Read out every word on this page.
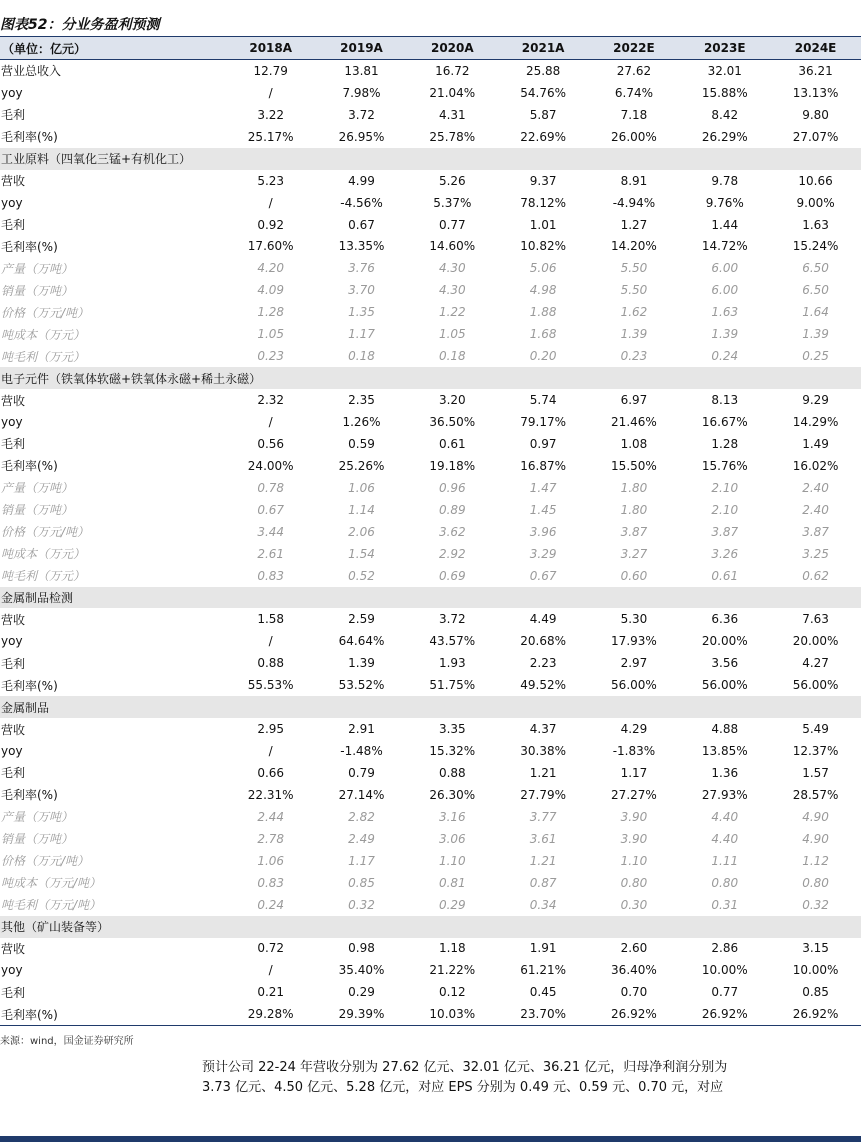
图表52：分业务盈利预测
（单位：亿元）	2018A	2019A	2020A	2021A	2022E	2023E	2024E
营业总收入	12.79	13.81	16.72	25.88	27.62	32.01	36.21
yoy	/	7.98%	21.04%	54.76%	6.74%	15.88%	13.13%
毛利	3.22	3.72	4.31	5.87	7.18	8.42	9.80
毛利率(%)	25.17%	26.95%	25.78%	22.69%	26.00%	26.29%	27.07%
工业原料（四氧化三锰+有机化工）							
营收	5.23	4.99	5.26	9.37	8.91	9.78	10.66
yoy	/	-4.56%	5.37%	78.12%	-4.94%	9.76%	9.00%
毛利	0.92	0.67	0.77	1.01	1.27	1.44	1.63
毛利率(%)	17.60%	13.35%	14.60%	10.82%	14.20%	14.72%	15.24%
产量（万吨）	4.20	3.76	4.30	5.06	5.50	6.00	6.50
销量（万吨）	4.09	3.70	4.30	4.98	5.50	6.00	6.50
价格（万元/吨）	1.28	1.35	1.22	1.88	1.62	1.63	1.64
吨成本（万元）	1.05	1.17	1.05	1.68	1.39	1.39	1.39
吨毛利（万元）	0.23	0.18	0.18	0.20	0.23	0.24	0.25
电子元件（铁氧体软磁+铁氧体永磁+稀土永磁）							
营收	2.32	2.35	3.20	5.74	6.97	8.13	9.29
yoy	/	1.26%	36.50%	79.17%	21.46%	16.67%	14.29%
毛利	0.56	0.59	0.61	0.97	1.08	1.28	1.49
毛利率(%)	24.00%	25.26%	19.18%	16.87%	15.50%	15.76%	16.02%
产量（万吨）	0.78	1.06	0.96	1.47	1.80	2.10	2.40
销量（万吨）	0.67	1.14	0.89	1.45	1.80	2.10	2.40
价格（万元/吨）	3.44	2.06	3.62	3.96	3.87	3.87	3.87
吨成本（万元）	2.61	1.54	2.92	3.29	3.27	3.26	3.25
吨毛利（万元）	0.83	0.52	0.69	0.67	0.60	0.61	0.62
金属制品检测							
营收	1.58	2.59	3.72	4.49	5.30	6.36	7.63
yoy	/	64.64%	43.57%	20.68%	17.93%	20.00%	20.00%
毛利	0.88	1.39	1.93	2.23	2.97	3.56	4.27
毛利率(%)	55.53%	53.52%	51.75%	49.52%	56.00%	56.00%	56.00%
金属制品							
营收	2.95	2.91	3.35	4.37	4.29	4.88	5.49
yoy	/	-1.48%	15.32%	30.38%	-1.83%	13.85%	12.37%
毛利	0.66	0.79	0.88	1.21	1.17	1.36	1.57
毛利率(%)	22.31%	27.14%	26.30%	27.79%	27.27%	27.93%	28.57%
产量（万吨）	2.44	2.82	3.16	3.77	3.90	4.40	4.90
销量（万吨）	2.78	2.49	3.06	3.61	3.90	4.40	4.90
价格（万元/吨）	1.06	1.17	1.10	1.21	1.10	1.11	1.12
吨成本（万元/吨）	0.83	0.85	0.81	0.87	0.80	0.80	0.80
吨毛利（万元/吨）	0.24	0.32	0.29	0.34	0.30	0.31	0.32
其他（矿山装备等）							
营收	0.72	0.98	1.18	1.91	2.60	2.86	3.15
yoy	/	35.40%	21.22%	61.21%	36.40%	10.00%	10.00%
毛利	0.21	0.29	0.12	0.45	0.70	0.77	0.85
毛利率(%)	29.28%	29.39%	10.03%	23.70%	26.92%	26.92%	26.92%
来源：wind，国金证券研究所
预计公司 22-24 年营收分别为 27.62 亿元、32.01 亿元、36.21 亿元，归母净利润分别为
3.73 亿元、4.50 亿元、5.28 亿元，对应 EPS 分别为 0.49 元、0.59 元、0.70 元，对应
